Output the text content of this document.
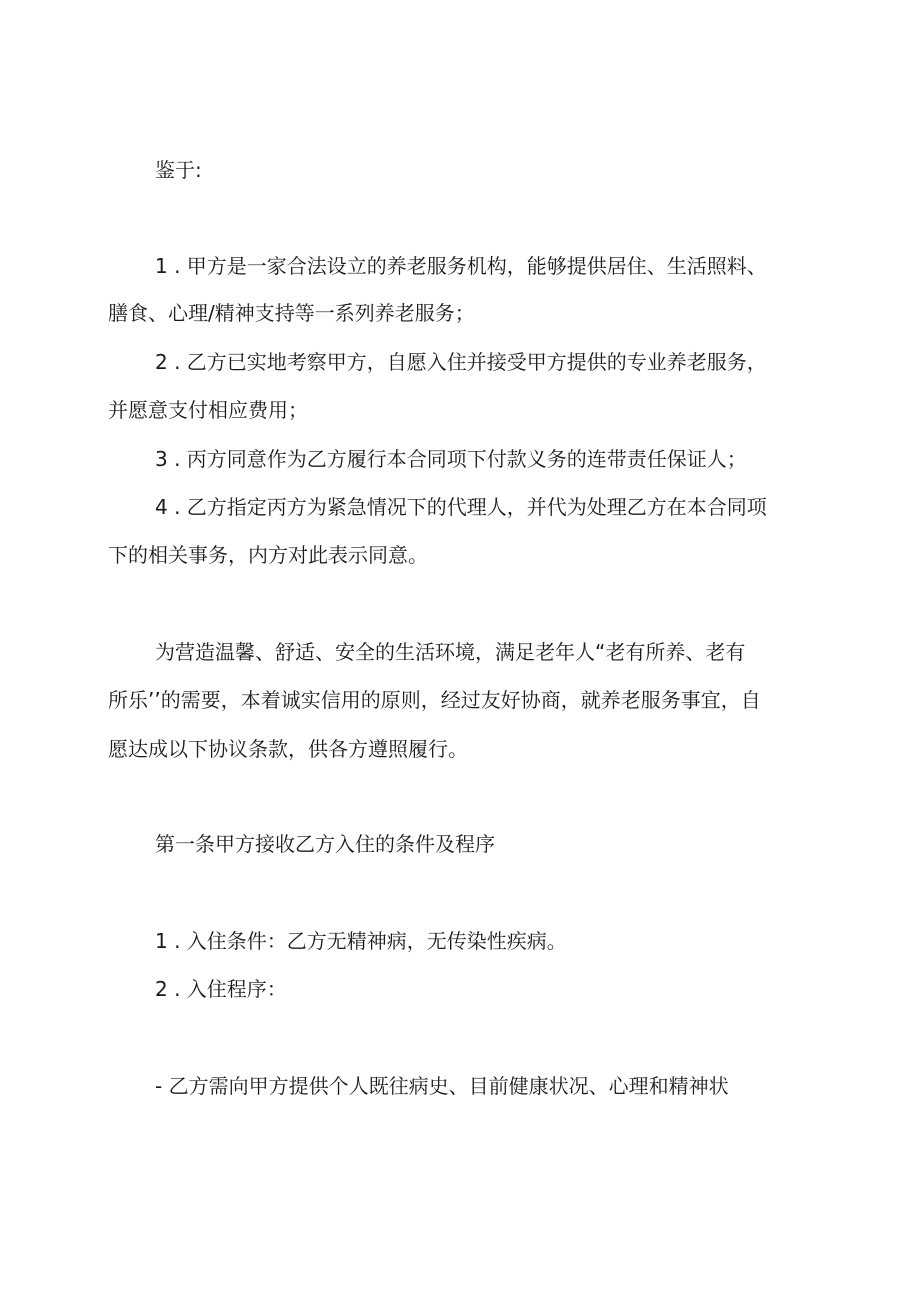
鉴于:
1 . 甲方是一家合法设立的养老服务机构，能够提供居住、生活照料、
膳食、心理/精神支持等一系列养老服务；
2 . 乙方已实地考察甲方，自愿入住并接受甲方提供的专业养老服务，
并愿意支付相应费用；
3 . 丙方同意作为乙方履行本合同项下付款义务的连带责任保证人；
4 . 乙方指定丙方为紧急情况下的代理人，并代为处理乙方在本合同项
下的相关事务，内方对此表示同意。
为营造温馨、舒适、安全的生活环境，满足老年人“老有所养、老有
所乐’’的需要，本着诚实信用的原则，经过友好协商，就养老服务事宜，自
愿达成以下协议条款，供各方遵照履行。
第一条甲方接收乙方入住的条件及程序
1 . 入住条件：乙方无精神病，无传染性疾病。
2 . 入住程序：
- 乙方需向甲方提供个人既往病史、目前健康状况、心理和精神状
